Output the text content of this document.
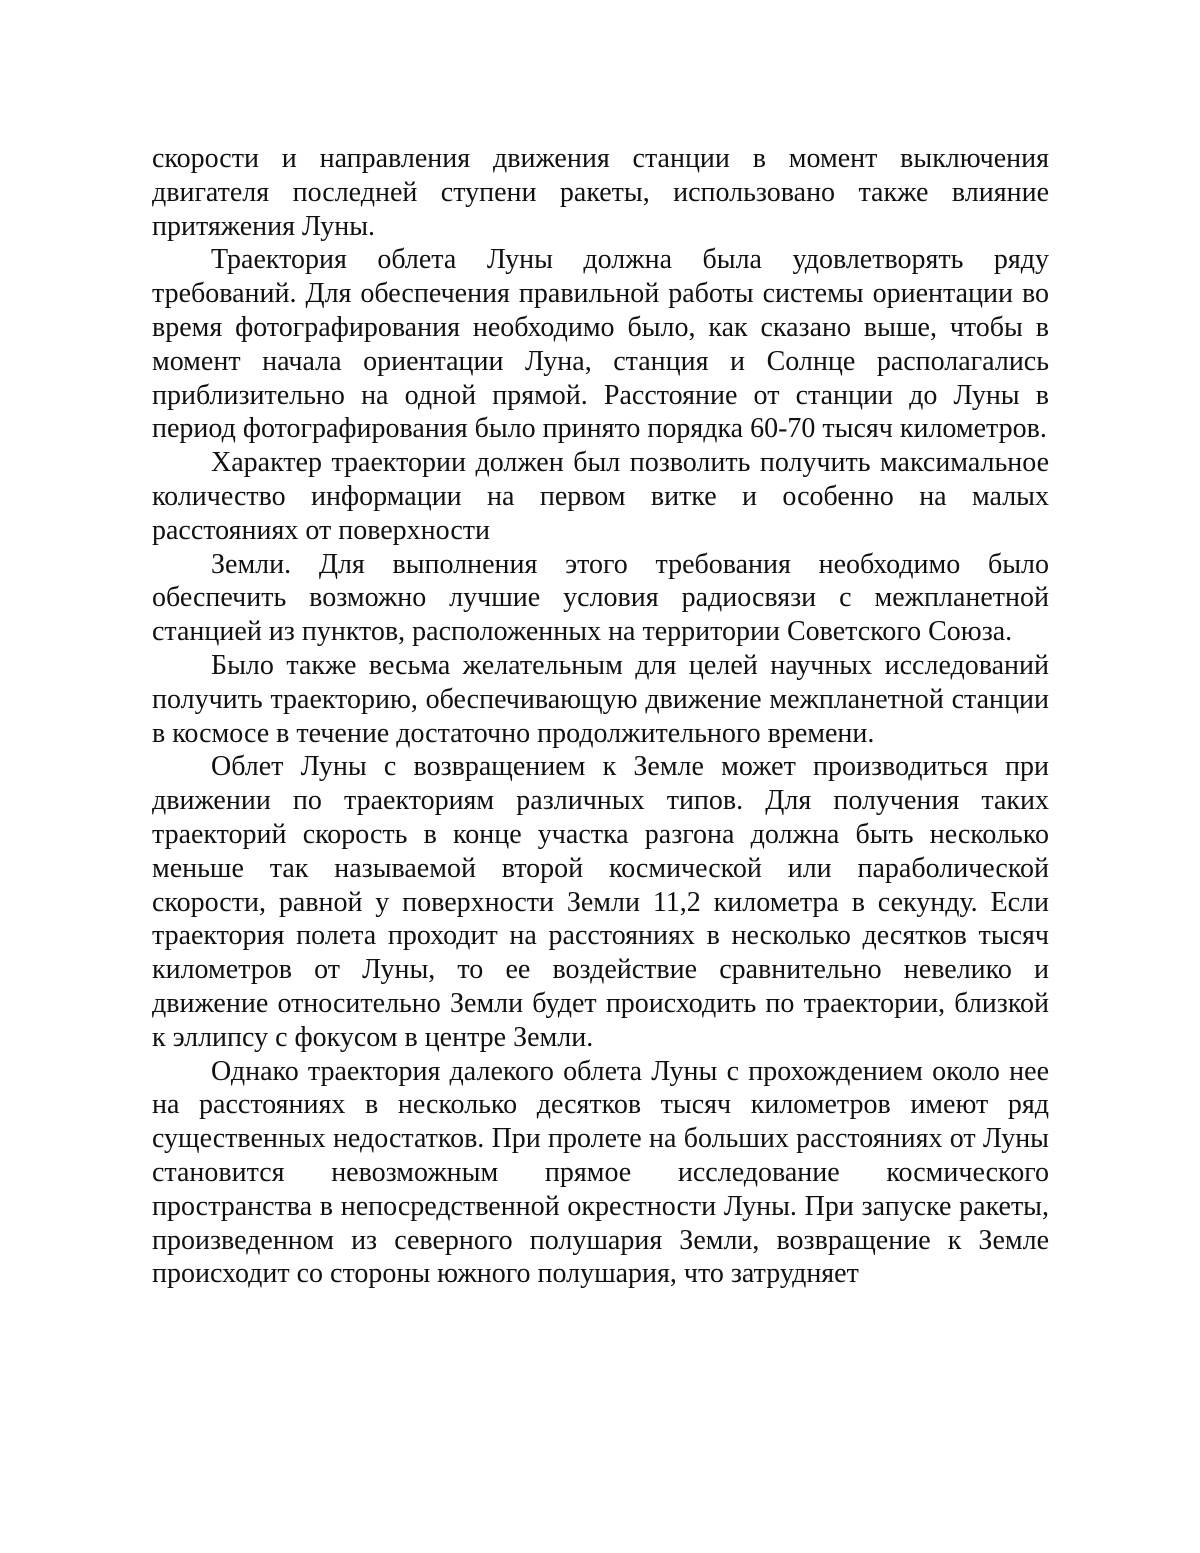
скорости и направления движения станции в момент выключения двигателя последней ступени ракеты, использовано также влияние притяжения Луны.

Траектория облета Луны должна была удовлетворять ряду требований. Для обеспечения правильной работы системы ориентации во время фотографирования необходимо было, как сказано выше, чтобы в момент начала ориентации Луна, станция и Солнце располагались приблизительно на одной прямой. Расстояние от станции до Луны в период фотографирования было принято порядка 60-70 тысяч километров.

Характер траектории должен был позволить получить максимальное количество информации на первом витке и особенно на малых расстояниях от поверхности

Земли. Для выполнения этого требования необходимо было обеспечить возможно лучшие условия радиосвязи с межпланетной станцией из пунктов, расположенных на территории Советского Союза.

Было также весьма желательным для целей научных исследований получить траекторию, обеспечивающую движение межпланетной станции в космосе в течение достаточно продолжительного времени.

Облет Луны с возвращением к Земле может производиться при движении по траекториям различных типов. Для получения таких траекторий скорость в конце участка разгона должна быть несколько меньше так называемой второй космической или параболической скорости, равной у поверхности Земли 11,2 километра в секунду. Если траектория полета проходит на расстояниях в несколько десятков тысяч километров от Луны, то ее воздействие сравнительно невелико и движение относительно Земли будет происходить по траектории, близкой к эллипсу с фокусом в центре Земли.

Однако траектория далекого облета Луны с прохождением около нее на расстояниях в несколько десятков тысяч километров имеют ряд существенных недостатков. При пролете на больших расстояниях от Луны становится невозможным прямое исследование космического пространства в непосредственной окрестности Луны. При запуске ракеты, произведенном из северного полушария Земли, возвращение к Земле происходит со стороны южного полушария, что затрудняет
